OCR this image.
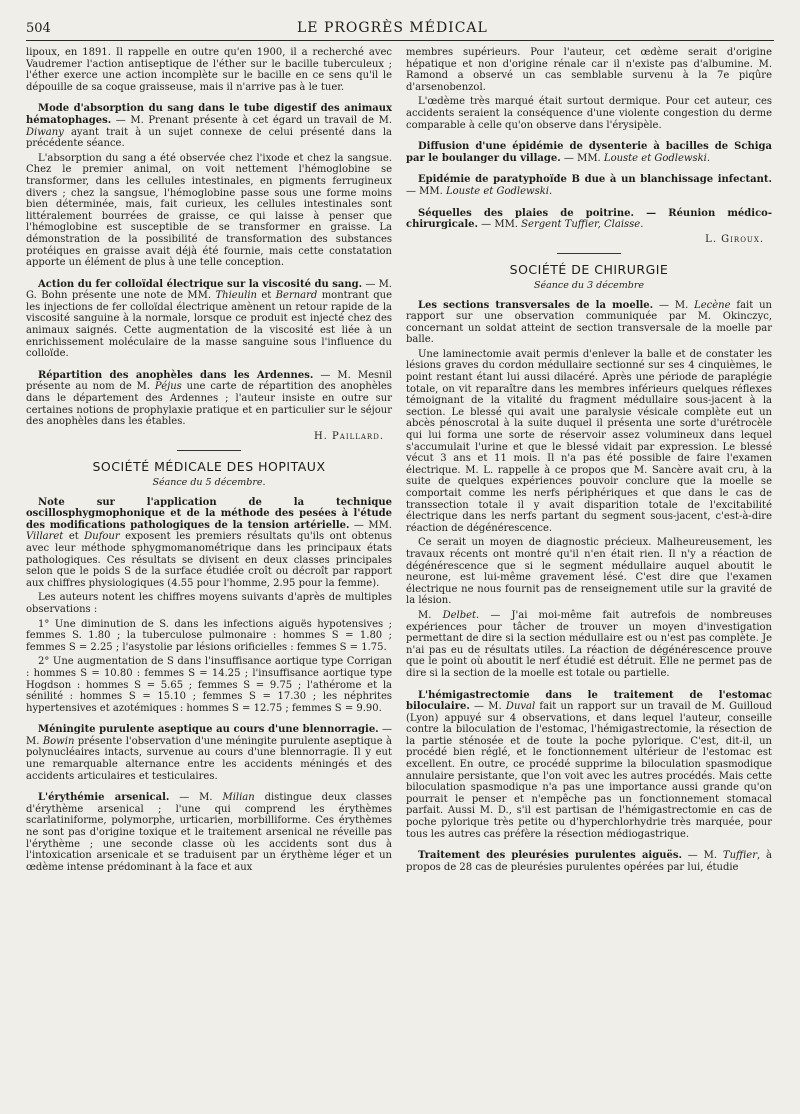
504	LE PROGRÈS MÉDICAL

lipoux, en 1891. Il rappelle en outre qu'en 1900, il a recherché avec Vaudremer l'action antiseptique de l'éther sur le bacille tuberculeux ; l'éther exerce une action incomplète sur le bacille en ce sens qu'il le dépouille de sa coque graisseuse, mais il n'arrive pas à le tuer.

Mode d'absorption du sang dans le tube digestif des animaux hématophages. — M. Prenant présente à cet égard un travail de M. Diwany ayant trait à un sujet connexe de celui présenté dans la précédente séance.

L'absorption du sang a été observée chez l'ixode et chez la sangsue. Chez le premier animal, on voit nettement l'hémoglobine se transformer, dans les cellules intestinales, en pigments ferrugineux divers ; chez la sangsue, l'hémoglobine passe sous une forme moins bien déterminée, mais, fait curieux, les cellules intestinales sont littéralement bourrées de graisse, ce qui laisse à penser que l'hémoglobine est susceptible de se transformer en graisse. La démonstration de la possibilité de transformation des substances protéiques en graisse avait déjà été fournie, mais cette constatation apporte un élément de plus à une telle conception.

Action du fer colloïdal électrique sur la viscosité du sang. — M. G. Bohn présente une note de MM. Thieulin et Bernard montrant que les injections de fer colloïdal électrique amènent un retour rapide de la viscosité sanguine à la normale, lorsque ce produit est injecté chez des animaux saignés. Cette augmentation de la viscosité est liée à un enrichissement moléculaire de la masse sanguine sous l'influence du colloïde.

Répartition des anophèles dans les Ardennes. — M. Mesnil présente au nom de M. Péjus une carte de répartition des anophèles dans le département des Ardennes ; l'auteur insiste en outre sur certaines notions de prophylaxie pratique et en particulier sur le séjour des anophèles dans les étables.

H. Paillard.
SOCIÉTÉ MÉDICALE DES HOPITAUX
Séance du 5 décembre.

Note sur l'application de la technique oscillosphygmophonique et de la méthode des pesées à l'étude des modifications pathologiques de la tension artérielle. — MM. Villaret et Dufour exposent les premiers résultats qu'ils ont obtenus avec leur méthode sphygmomanométrique dans les principaux états pathologiques. Ces résultats se divisent en deux classes principales selon que le poids S de la surface étudiée croît ou décroît par rapport aux chiffres physiologiques (4.55 pour l'homme, 2.95 pour la femme).

Les auteurs notent les chiffres moyens suivants d'après de multiples observations :

1° Une diminution de S. dans les infections aiguës hypotensives ; femmes S. 1.80 ; la tuberculose pulmonaire : hommes S = 1.80 ; femmes S = 2.25 ; l'asystolie par lésions orificielles : femmes S = 1.75.

2° Une augmentation de S dans l'insuffisance aortique type Corrigan : hommes S = 10.80 : femmes S = 14.25 ; l'insuffisance aortique type Hogdson : hommes S = 5.65 ; femmes S = 9.75 ; l'athérome et la sénilité : hommes S = 15.10 ; femmes S = 17.30 ; les néphrites hypertensives et azotémiques : hommes S = 12.75 ; femmes S = 9.90.

Méningite purulente aseptique au cours d'une blennorragie. — M. Bowin présente l'observation d'une méningite purulente aseptique à polynucléaires intacts, survenue au cours d'une blennorragie. Il y eut une remarquable alternance entre les accidents méningés et des accidents articulaires et testiculaires.

L'érythémie arsenical. — M. Milian distingue deux classes d'érythème arsenical ; l'une qui comprend les érythèmes scarlatiniforme, polymorphe, urticarien, morbilliforme. Ces érythèmes ne sont pas d'origine toxique et le traitement arsenical ne réveille pas l'érythème ; une seconde classe où les accidents sont dus à l'intoxication arsenicale et se traduisent par un érythème léger et un œdème intense prédominant à la face et aux

membres supérieurs. Pour l'auteur, cet œdème serait d'origine hépatique et non d'origine rénale car il n'existe pas d'albumine. M. Ramond a observé un cas semblable survenu à la 7e piqûre d'arsenobenzol.

L'œdème très marqué était surtout dermique. Pour cet auteur, ces accidents seraient la conséquence d'une violente congestion du derme comparable à celle qu'on observe dans l'érysipèle.

Diffusion d'une épidémie de dysenterie à bacilles de Schiga par le boulanger du village. — MM. Louste et Godlewski.

Epidémie de paratyphoïde B due à un blanchissage infectant. — MM. Louste et Godlewski.

Séquelles des plaies de poitrine. — Réunion médico-chirurgicale. — MM. Sergent Tuffier, Claisse.

L. Giroux.
SOCIÉTÉ DE CHIRURGIE
Séance du 3 décembre

Les sections transversales de la moelle. — M. Lecène fait un rapport sur une observation communiquée par M. Okinczyc, concernant un soldat atteint de section transversale de la moelle par balle.

Une laminectomie avait permis d'enlever la balle et de constater les lésions graves du cordon médullaire sectionné sur ses 4 cinquièmes, le point restant étant lui aussi dilacéré. Après une période de paraplégie totale, on vit reparaître dans les membres inférieurs quelques réflexes témoignant de la vitalité du fragment médullaire sous-jacent à la section. Le blessé qui avait une paralysie vésicale complète eut un abcès pénoscrotal à la suite duquel il présenta une sorte d'urétrocèle qui lui forma une sorte de réservoir assez volumineux dans lequel s'accumulait l'urine et que le blessé vidait par expression. Le blessé vécut 3 ans et 11 mois. Il n'a pas été possible de faire l'examen électrique. M. L. rappelle à ce propos que M. Sancère avait cru, à la suite de quelques expériences pouvoir conclure que la moelle se comportait comme les nerfs périphériques et que dans le cas de transsection totale il y avait disparition totale de l'excitabilité électrique dans les nerfs partant du segment sous-jacent, c'est-à-dire réaction de dégénérescence.

Ce serait un moyen de diagnostic précieux. Malheureusement, les travaux récents ont montré qu'il n'en était rien. Il n'y a réaction de dégénérescence que si le segment médullaire auquel aboutit le neurone, est lui-même gravement lésé. C'est dire que l'examen électrique ne nous fournit pas de renseignement utile sur la gravité de la lésion.

M. Delbet. — J'ai moi-même fait autrefois de nombreuses expériences pour tâcher de trouver un moyen d'investigation permettant de dire si la section médullaire est ou n'est pas complète. Je n'ai pas eu de résultats utiles. La réaction de dégénérescence prouve que le point où aboutit le nerf étudié est détruit. Elle ne permet pas de dire si la section de la moelle est totale ou partielle.

L'hémigastrectomie dans le traitement de l'estomac biloculaire. — M. Duval fait un rapport sur un travail de M. Guilloud (Lyon) appuyé sur 4 observations, et dans lequel l'auteur, conseille contre la biloculation de l'estomac, l'hémigastrectomie, la résection de la partie sténosée et de toute la poche pylorique. C'est, dit-il, un procédé bien réglé, et le fonctionnement ultérieur de l'estomac est excellent. En outre, ce procédé supprime la biloculation spasmodique annulaire persistante, que l'on voit avec les autres procédés. Mais cette biloculation spasmodique n'a pas une importance aussi grande qu'on pourrait le penser et n'empêche pas un fonctionnement stomacal parfait. Aussi M. D., s'il est partisan de l'hémigastrectomie en cas de poche pylorique très petite ou d'hyperchlorhydrie très marquée, pour tous les autres cas préfère la résection médiogastrique.

Traitement des pleurésies purulentes aiguës. — M. Tuffier, à propos de 28 cas de pleurésies purulentes opérées par lui, étudie
